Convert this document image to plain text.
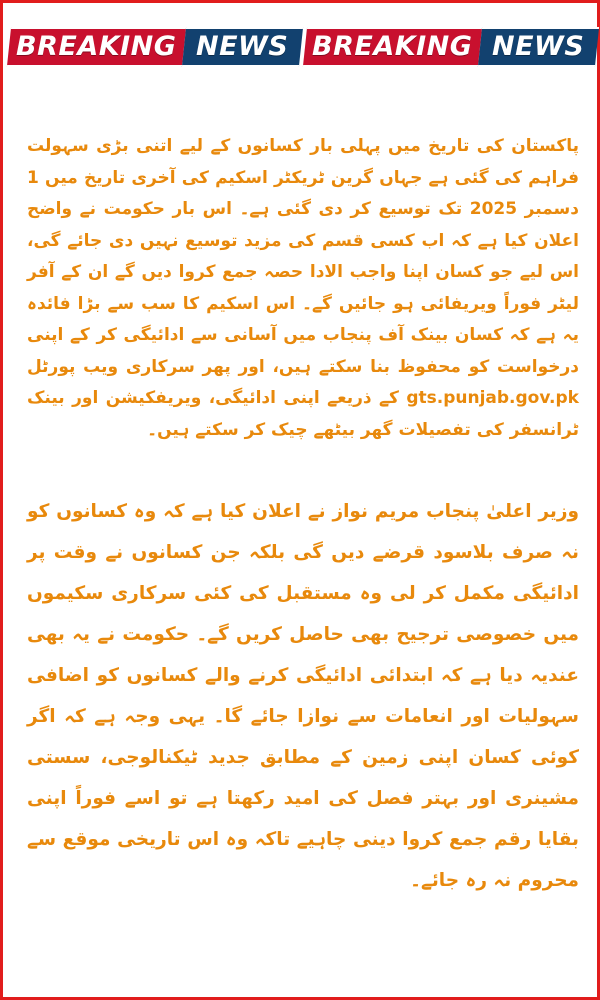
BREAKING NEWS BREAKING NEWS

پاکستان کی تاریخ میں پہلی بار کسانوں کے لیے اتنی بڑی سہولت فراہم کی گئی ہے جہاں گرین ٹریکٹر اسکیم کی آخری تاریخ میں 1 دسمبر 2025 تک توسیع کر دی گئی ہے۔ اس بار حکومت نے واضح اعلان کیا ہے کہ اب کسی قسم کی مزید توسیع نہیں دی جائے گی، اس لیے جو کسان اپنا واجب الادا حصہ جمع کروا دیں گے ان کے آفر لیٹر فوراً ویریفائی ہو جائیں گے۔ اس اسکیم کا سب سے بڑا فائدہ یہ ہے کہ کسان بینک آف پنجاب میں آسانی سے ادائیگی کر کے اپنی درخواست کو محفوظ بنا سکتے ہیں، اور پھر سرکاری ویب پورٹل gts.punjab.gov.pk کے ذریعے اپنی ادائیگی، ویریفکیشن اور بینک ٹرانسفر کی تفصیلات گھر بیٹھے چیک کر سکتے ہیں۔

وزیر اعلیٰ پنجاب مریم نواز نے اعلان کیا ہے کہ وہ کسانوں کو نہ صرف بلاسود قرضے دیں گی بلکہ جن کسانوں نے وقت پر ادائیگی مکمل کر لی وہ مستقبل کی کئی سرکاری سکیموں میں خصوصی ترجیح بھی حاصل کریں گے۔ حکومت نے یہ بھی عندیہ دیا ہے کہ ابتدائی ادائیگی کرنے والے کسانوں کو اضافی سہولیات اور انعامات سے نوازا جائے گا۔ یہی وجہ ہے کہ اگر کوئی کسان اپنی زمین کے مطابق جدید ٹیکنالوجی، سستی مشینری اور بہتر فصل کی امید رکھتا ہے تو اسے فوراً اپنی بقایا رقم جمع کروا دینی چاہیے تاکہ وہ اس تاریخی موقع سے محروم نہ رہ جائے۔
